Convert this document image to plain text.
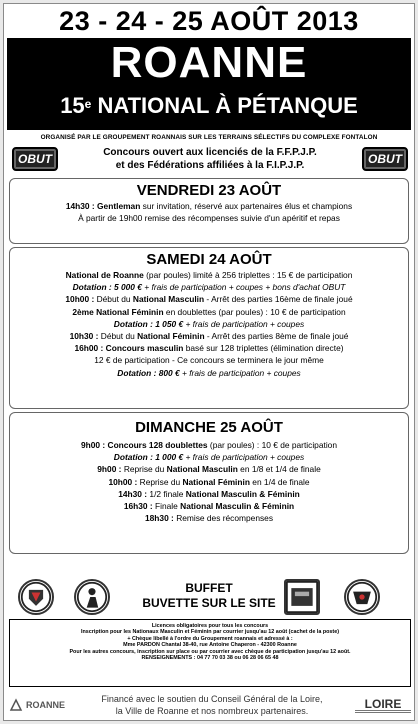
23 - 24 - 25 AOÛT 2013
ROANNE
15e NATIONAL À PÉTANQUE
ORGANISÉ PAR LE GROUPEMENT ROANNAIS SUR LES TERRAINS SÉLECTIFS DU COMPLEXE FONTALON
OBUT	Concours ouvert aux licenciés de la F.F.P.J.P.
et des Fédérations affiliées à la F.I.P.J.P.	OBUT
VENDREDI 23 AOÛT
14h30 : Gentleman sur invitation, réservé aux partenaires élus et champions
À partir de 19h00 remise des récompenses suivie d'un apéritif et repas
SAMEDI 24 AOÛT
National de Roanne (par poules) limité à 256 triplettes : 15 € de participation
Dotation : 5 000 € + frais de participation + coupes + bons d'achat OBUT
10h00 : Début du National Masculin - Arrêt des parties 16ème de finale joué
2ème National Féminin en doublettes (par poules) : 10 € de participation
Dotation : 1 050 € + frais de participation + coupes
10h30 : Début du National Féminin - Arrêt des parties 8ème de finale joué
16h00 : Concours masculin basé sur 128 triplettes (élimination directe)
12 € de participation - Ce concours se terminera le jour même
Dotation : 800 € + frais de participation + coupes
DIMANCHE 25 AOÛT
9h00 : Concours 128 doublettes (par poules) : 10 € de participation
Dotation : 1 000 € + frais de participation + coupes
9h00 : Reprise du National Masculin en 1/8 et 1/4 de finale
10h00 : Reprise du National Féminin en 1/4 de finale
14h30 : 1/2 finale National Masculin & Féminin
16h30 : Finale National Masculin & Féminin
18h30 : Remise des récompenses
BUFFET
BUVETTE SUR LE SITE
Licences obligatoires pour tous les concours
Inscription pour les Nationaux Masculin et Féminin par courrier jusqu'au 12 août (cachet de la poste)
+ Chèque libellé à l'ordre du Groupement roannais et adressé à :
Mme PARDON Chantal 38-40, rue Antoine Chaperon - 42300 Roanne
Pour les autres concours, inscription sur place ou par courrier avec chèque de participation jusqu'au 12 août.
RENSEIGNEMENTS : 04 77 70 03 38 ou 06 28 06 65 48
ROANNE
Financé avec le soutien du Conseil Général de la Loire,
la Ville de Roanne et nos nombreux partenaires.
LOIRE
